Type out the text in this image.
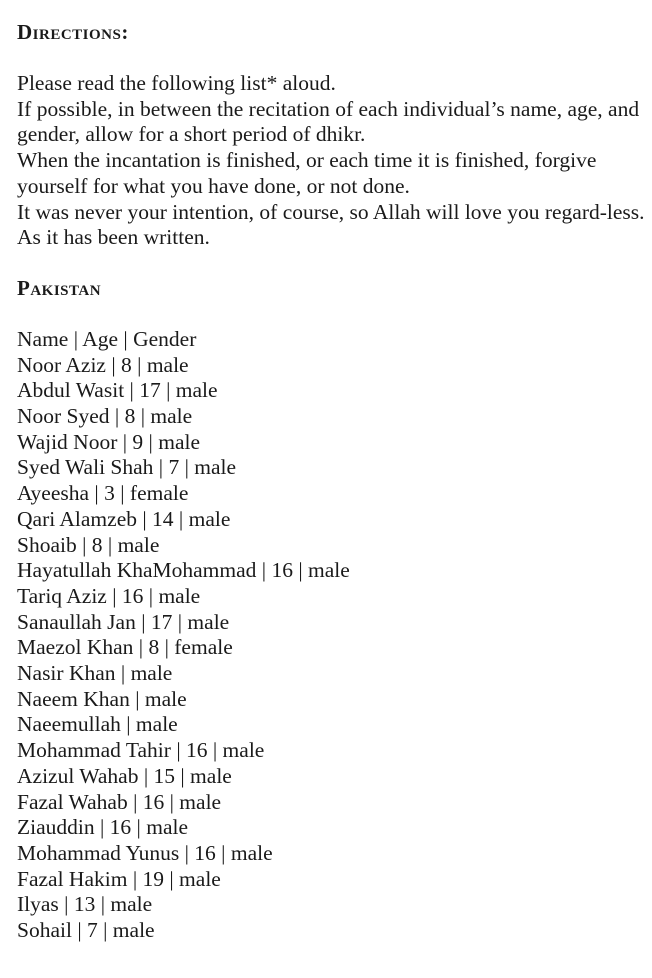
Directions:

Please read the following list* aloud.

If possible, in between the recitation of each individual’s name, age, and gender, allow for a short period of dhikr.

When the incantation is finished, or each time it is finished, forgive yourself for what you have done, or not done.

It was never your intention, of course, so Allah will love you regard-less.

As it has been written.

Pakistan
Name | Age | Gender
Noor Aziz | 8 | male
Abdul Wasit | 17 | male
Noor Syed | 8 | male
Wajid Noor | 9 | male
Syed Wali Shah | 7 | male
Ayeesha | 3 | female
Qari Alamzeb | 14 | male
Shoaib | 8 | male
Hayatullah KhaMohammad | 16 | male
Tariq Aziz | 16 | male
Sanaullah Jan | 17 | male
Maezol Khan | 8 | female
Nasir Khan | male
Naeem Khan | male
Naeemullah | male
Mohammad Tahir | 16 | male
Azizul Wahab | 15 | male
Fazal Wahab | 16 | male
Ziauddin | 16 | male
Mohammad Yunus | 16 | male
Fazal Hakim | 19 | male
Ilyas | 13 | male
Sohail | 7 | male
